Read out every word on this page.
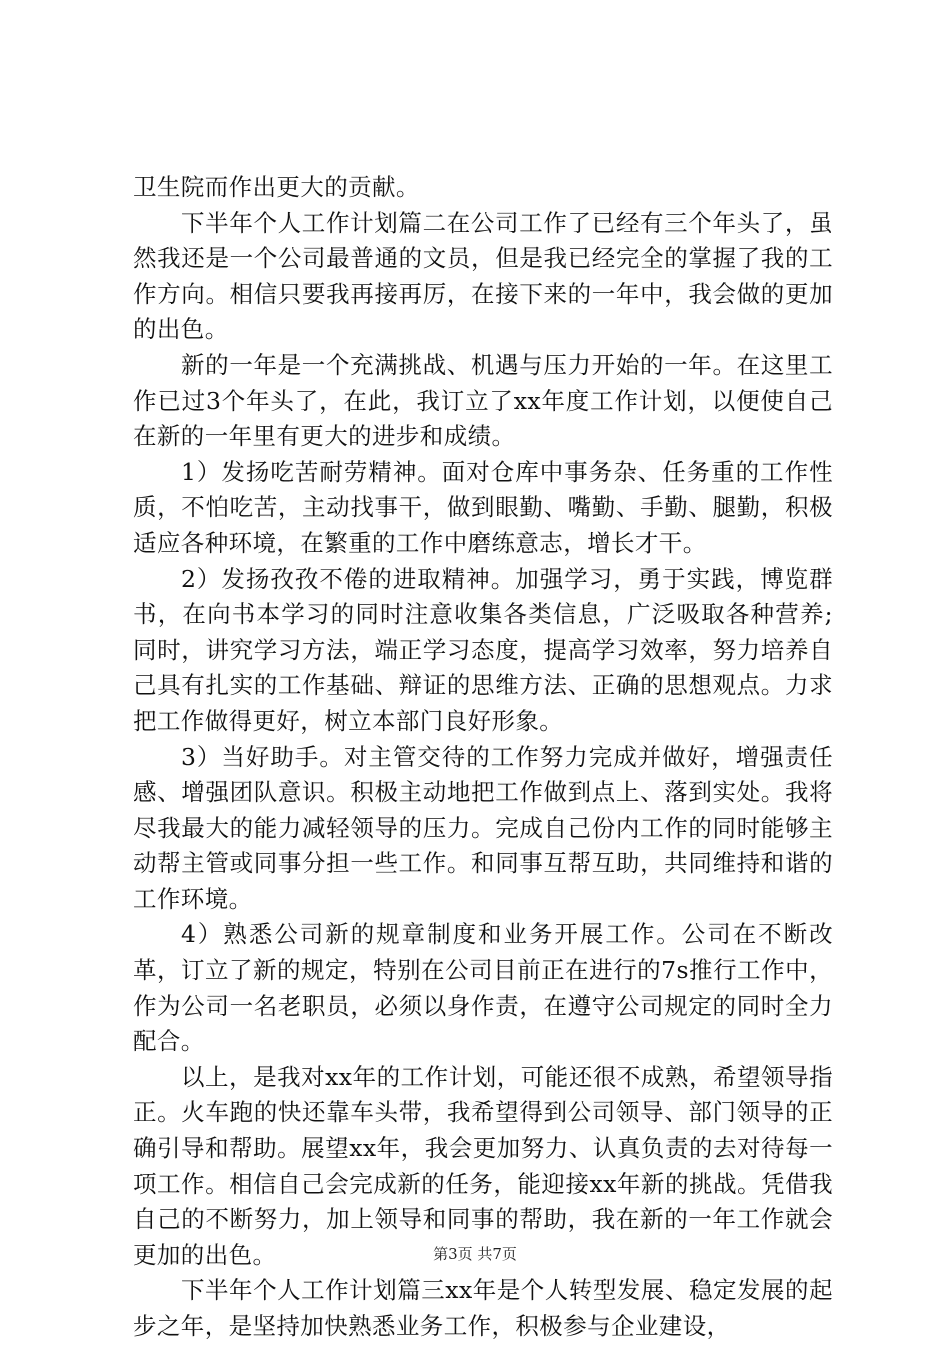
卫生院而作出更大的贡献。

下半年个人工作计划篇二在公司工作了已经有三个年头了，虽然我还是一个公司最普通的文员，但是我已经完全的掌握了我的工作方向。相信只要我再接再厉，在接下来的一年中，我会做的更加的出色。

新的一年是一个充满挑战、机遇与压力开始的一年。在这里工作已过3个年头了，在此，我订立了xx年度工作计划，以便使自己在新的一年里有更大的进步和成绩。

1）发扬吃苦耐劳精神。面对仓库中事务杂、任务重的工作性质，不怕吃苦，主动找事干，做到眼勤、嘴勤、手勤、腿勤，积极适应各种环境，在繁重的工作中磨练意志，增长才干。

2）发扬孜孜不倦的进取精神。加强学习，勇于实践，博览群书，在向书本学习的同时注意收集各类信息，广泛吸取各种营养;同时，讲究学习方法，端正学习态度，提高学习效率，努力培养自己具有扎实的工作基础、辩证的思维方法、正确的思想观点。力求把工作做得更好，树立本部门良好形象。

3）当好助手。对主管交待的工作努力完成并做好，增强责任感、增强团队意识。积极主动地把工作做到点上、落到实处。我将尽我最大的能力减轻领导的压力。完成自己份内工作的同时能够主动帮主管或同事分担一些工作。和同事互帮互助，共同维持和谐的工作环境。

4）熟悉公司新的规章制度和业务开展工作。公司在不断改革，订立了新的规定，特别在公司目前正在进行的7s推行工作中，作为公司一名老职员，必须以身作责，在遵守公司规定的同时全力配合。

以上，是我对xx年的工作计划，可能还很不成熟，希望领导指正。火车跑的快还靠车头带，我希望得到公司领导、部门领导的正确引导和帮助。展望xx年，我会更加努力、认真负责的去对待每一项工作。相信自己会完成新的任务，能迎接xx年新的挑战。凭借我自己的不断努力，加上领导和同事的帮助，我在新的一年工作就会更加的出色。

下半年个人工作计划篇三xx年是个人转型发展、稳定发展的起步之年，是坚持加快熟悉业务工作，积极参与企业建设，

第3页 共7页
